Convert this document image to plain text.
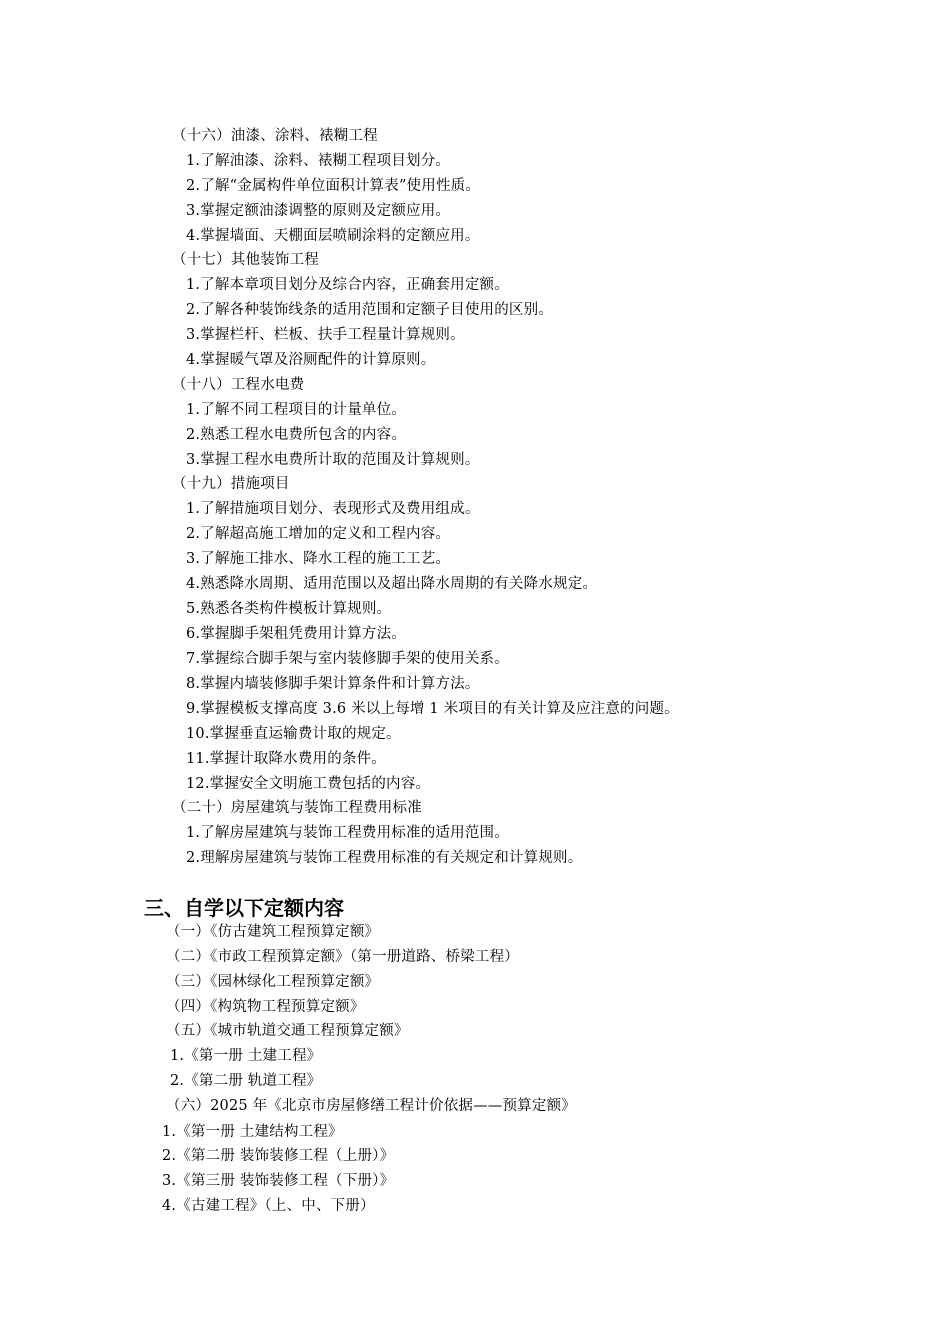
（十六）油漆、涂料、裱糊工程
1.了解油漆、涂料、裱糊工程项目划分。
2.了解“金属构件单位面积计算表”使用性质。
3.掌握定额油漆调整的原则及定额应用。
4.掌握墙面、天棚面层喷刷涂料的定额应用。
（十七）其他装饰工程
1.了解本章项目划分及综合内容，正确套用定额。
2.了解各种装饰线条的适用范围和定额子目使用的区别。
3.掌握栏杆、栏板、扶手工程量计算规则。
4.掌握暖气罩及浴厕配件的计算原则。
（十八）工程水电费
1.了解不同工程项目的计量单位。
2.熟悉工程水电费所包含的内容。
3.掌握工程水电费所计取的范围及计算规则。
（十九）措施项目
1.了解措施项目划分、表现形式及费用组成。
2.了解超高施工增加的定义和工程内容。
3.了解施工排水、降水工程的施工工艺。
4.熟悉降水周期、适用范围以及超出降水周期的有关降水规定。
5.熟悉各类构件模板计算规则。
6.掌握脚手架租凭费用计算方法。
7.掌握综合脚手架与室内装修脚手架的使用关系。
8.掌握内墙装修脚手架计算条件和计算方法。
9.掌握模板支撑高度 3.6 米以上每增 1 米项目的有关计算及应注意的问题。
10.掌握垂直运输费计取的规定。
11.掌握计取降水费用的条件。
12.掌握安全文明施工费包括的内容。
（二十）房屋建筑与装饰工程费用标准
1.了解房屋建筑与装饰工程费用标准的适用范围。
2.理解房屋建筑与装饰工程费用标准的有关规定和计算规则。
三、自学以下定额内容
（一）《仿古建筑工程预算定额》
（二）《市政工程预算定额》（第一册道路、桥梁工程）
（三）《园林绿化工程预算定额》
（四）《构筑物工程预算定额》
（五）《城市轨道交通工程预算定额》
1.《第一册 土建工程》
2.《第二册 轨道工程》
（六）2025 年《北京市房屋修缮工程计价依据——预算定额》
1.《第一册 土建结构工程》
2.《第二册 装饰装修工程（上册）》
3.《第三册 装饰装修工程（下册）》
4.《古建工程》（上、中、下册）
